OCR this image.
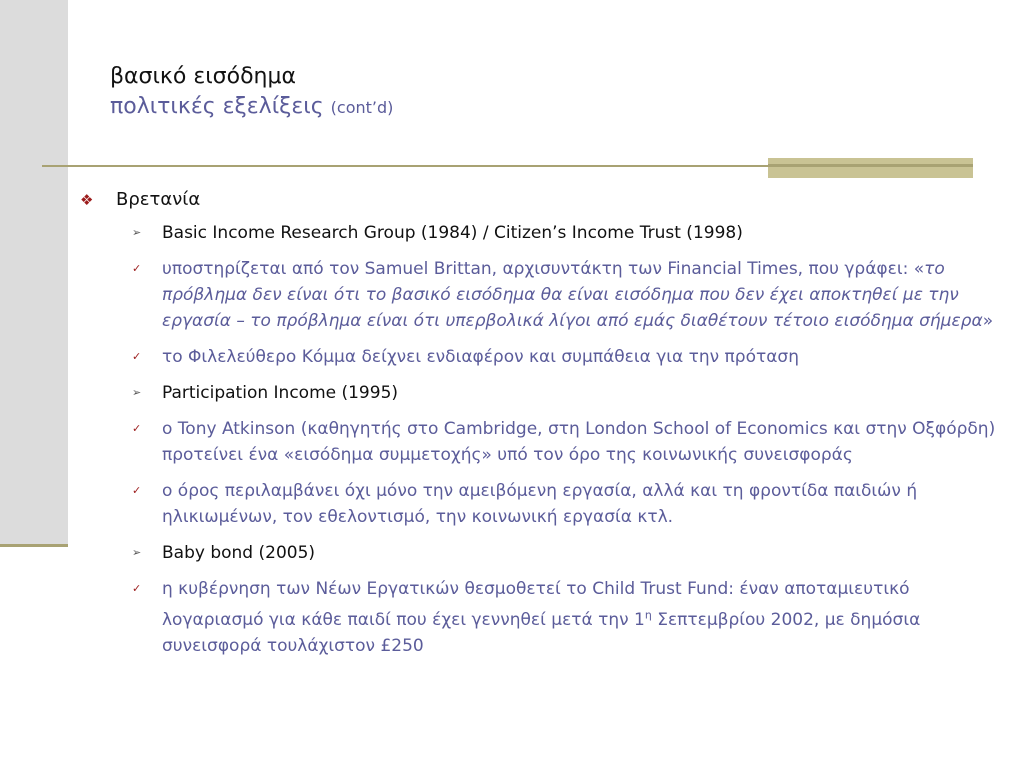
βασικό εισόδημα
πολιτικές εξελίξεις (cont’d)
❖ Βρετανία
➢ Basic Income Research Group (1984) / Citizen’s Income Trust (1998)
✓ υποστηρίζεται από τον Samuel Brittan, αρχισυντάκτη των Financial Times, που γράφει: «το πρόβλημα δεν είναι ότι το βασικό εισόδημα θα είναι εισόδημα που δεν έχει αποκτηθεί με την εργασία – το πρόβλημα είναι ότι υπερβολικά λίγοι από εμάς διαθέτουν τέτοιο εισόδημα σήμερα»
✓ το Φιλελεύθερο Κόμμα δείχνει ενδιαφέρον και συμπάθεια για την πρόταση
➢ Participation Income (1995)
✓ ο Tony Atkinson (καθηγητής στο Cambridge, στη London School of Economics και στην Οξφόρδη) προτείνει ένα «εισόδημα συμμετοχής» υπό τον όρο της κοινωνικής συνεισφοράς
✓ ο όρος περιλαμβάνει όχι μόνο την αμειβόμενη εργασία, αλλά και τη φροντίδα παιδιών ή ηλικιωμένων, τον εθελοντισμό, την κοινωνική εργασία κτλ.
➢ Baby bond (2005)
✓ η κυβέρνηση των Νέων Εργατικών θεσμοθετεί το Child Trust Fund: έναν αποταμιευτικό λογαριασμό για κάθε παιδί που έχει γεννηθεί μετά την $1^\eta$ Σεπτεμβρίου 2002, με δημόσια συνεισφορά τουλάχιστον £250
